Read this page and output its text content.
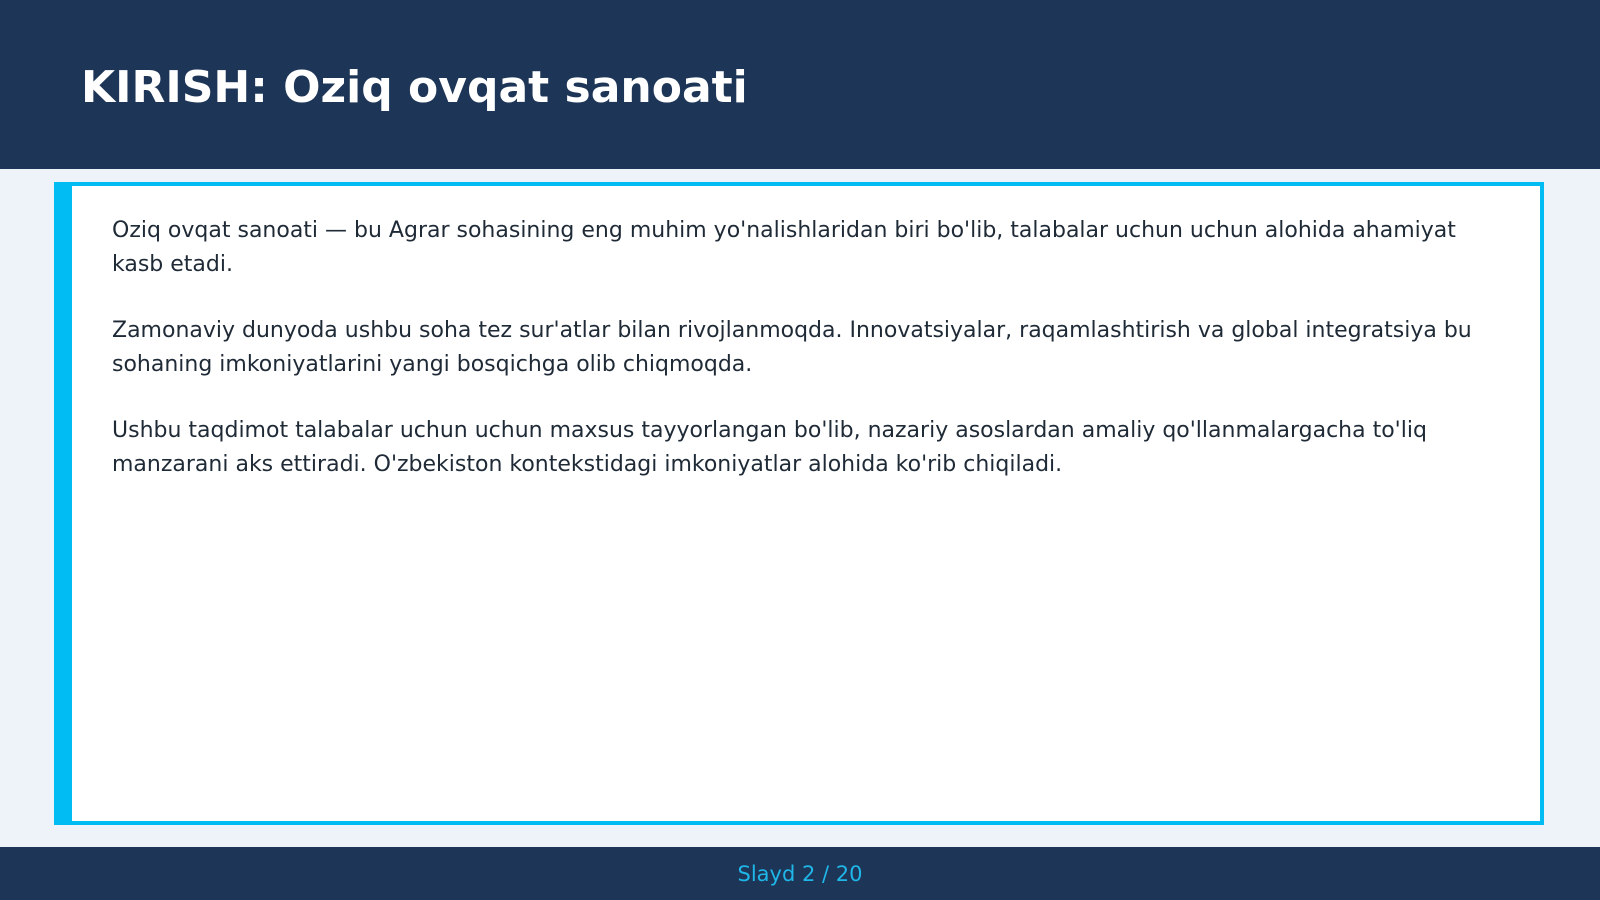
KIRISH: Oziq ovqat sanoati

Oziq ovqat sanoati — bu Agrar sohasining eng muhim yo'nalishlaridan biri bo'lib, talabalar uchun uchun alohida ahamiyat kasb etadi.

Zamonaviy dunyoda ushbu soha tez sur'atlar bilan rivojlanmoqda. Innovatsiyalar, raqamlashtirish va global integratsiya bu sohaning imkoniyatlarini yangi bosqichga olib chiqmoqda.

Ushbu taqdimot talabalar uchun uchun maxsus tayyorlangan bo'lib, nazariy asoslardan amaliy qo'llanmalargacha to'liq manzarani aks ettiradi. O'zbekiston kontekstidagi imkoniyatlar alohida ko'rib chiqiladi.

Slayd 2 / 20
